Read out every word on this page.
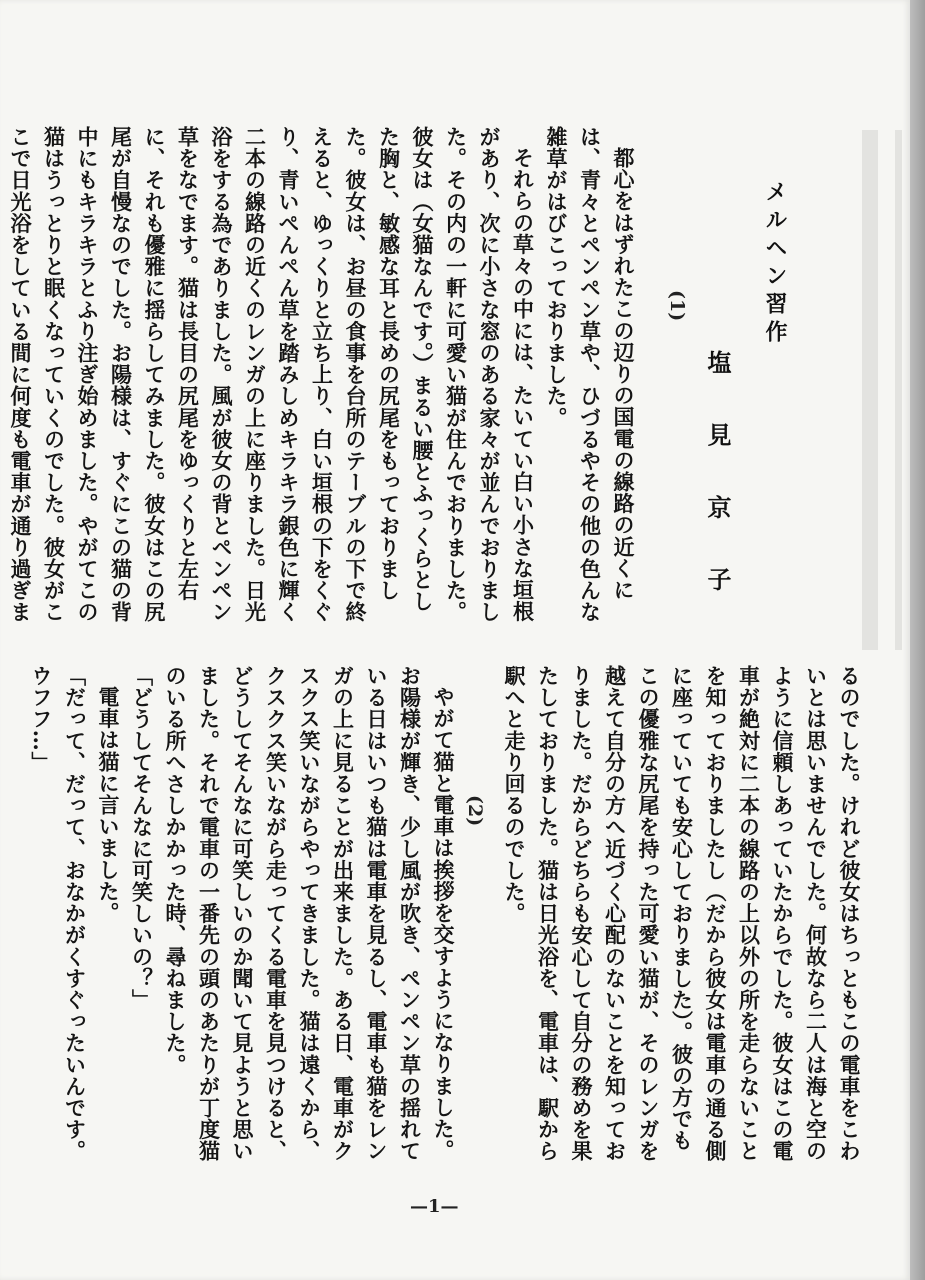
メルヘン習作
(1)
塩 見 京 子

都心をはずれたこの辺りの国電の線路の近くには、青々とペンペン草や、ひづるやその他の色んな雑草がはびこっておりました。

それらの草々の中には、たいてい白い小さな垣根があり、次に小さな窓のある家々が並んでおりました。その内の一軒に可愛い猫が住んでおりました。彼女は（女猫なんです。）まるい腰とふっくらとした胸と、敏感な耳と長めの尻尾をもっておりました。彼女は、お昼の食事を台所のテーブルの下で終えると、ゆっくりと立ち上り、白い垣根の下をくぐり、青いぺんぺん草を踏みしめキラキラ銀色に輝く二本の線路の近くのレンガの上に座りました。日光浴をする為でありました。風が彼女の背とペンペン草をなでます。猫は長目の尻尾をゆっくりと左右に、それも優雅に揺らしてみました。彼女はこの尻尾が自慢なのでした。お陽様は、すぐにこの猫の背中にもキラキラとふり注ぎ始めました。やがてこの猫はうっとりと眠くなっていくのでした。彼女がここで日光浴をしている間に何度も電車が通り過ぎま

るのでした。けれど彼女はちっともこの電車をこわいとは思いませんでした。何故なら二人は海と空のように信頼しあっていたからでした。彼女はこの電車が絶対に二本の線路の上以外の所を走らないことを知っておりましたし（だから彼女は電車の通る側に座っていても安心しておりました）。彼の方でもこの優雅な尻尾を持った可愛い猫が、そのレンガを越えて自分の方へ近づく心配のないことを知っておりました。だからどちらも安心して自分の務めを果たしておりました。猫は日光浴を、電車は、駅から駅へと走り回るのでした。

(2)

やがて猫と電車は挨拶を交すようになりました。お陽様が輝き、少し風が吹き、ペンペン草の揺れている日はいつも猫は電車を見るし、電車も猫をレンガの上に見ることが出来ました。ある日、電車がクスクス笑いながらやってきました。猫は遠くから、クスクス笑いながら走ってくる電車を見つけると、どうしてそんなに可笑しいのか聞いて見ようと思いました。それで電車の一番先の頭のあたりが丁度猫のいる所へさしかかった時、尋ねました。

「どうしてそんなに可笑しいの？」

電車は猫に言いました。

「だって、だって、おなかがくすぐったいんです。ウフフ…」

—1—
